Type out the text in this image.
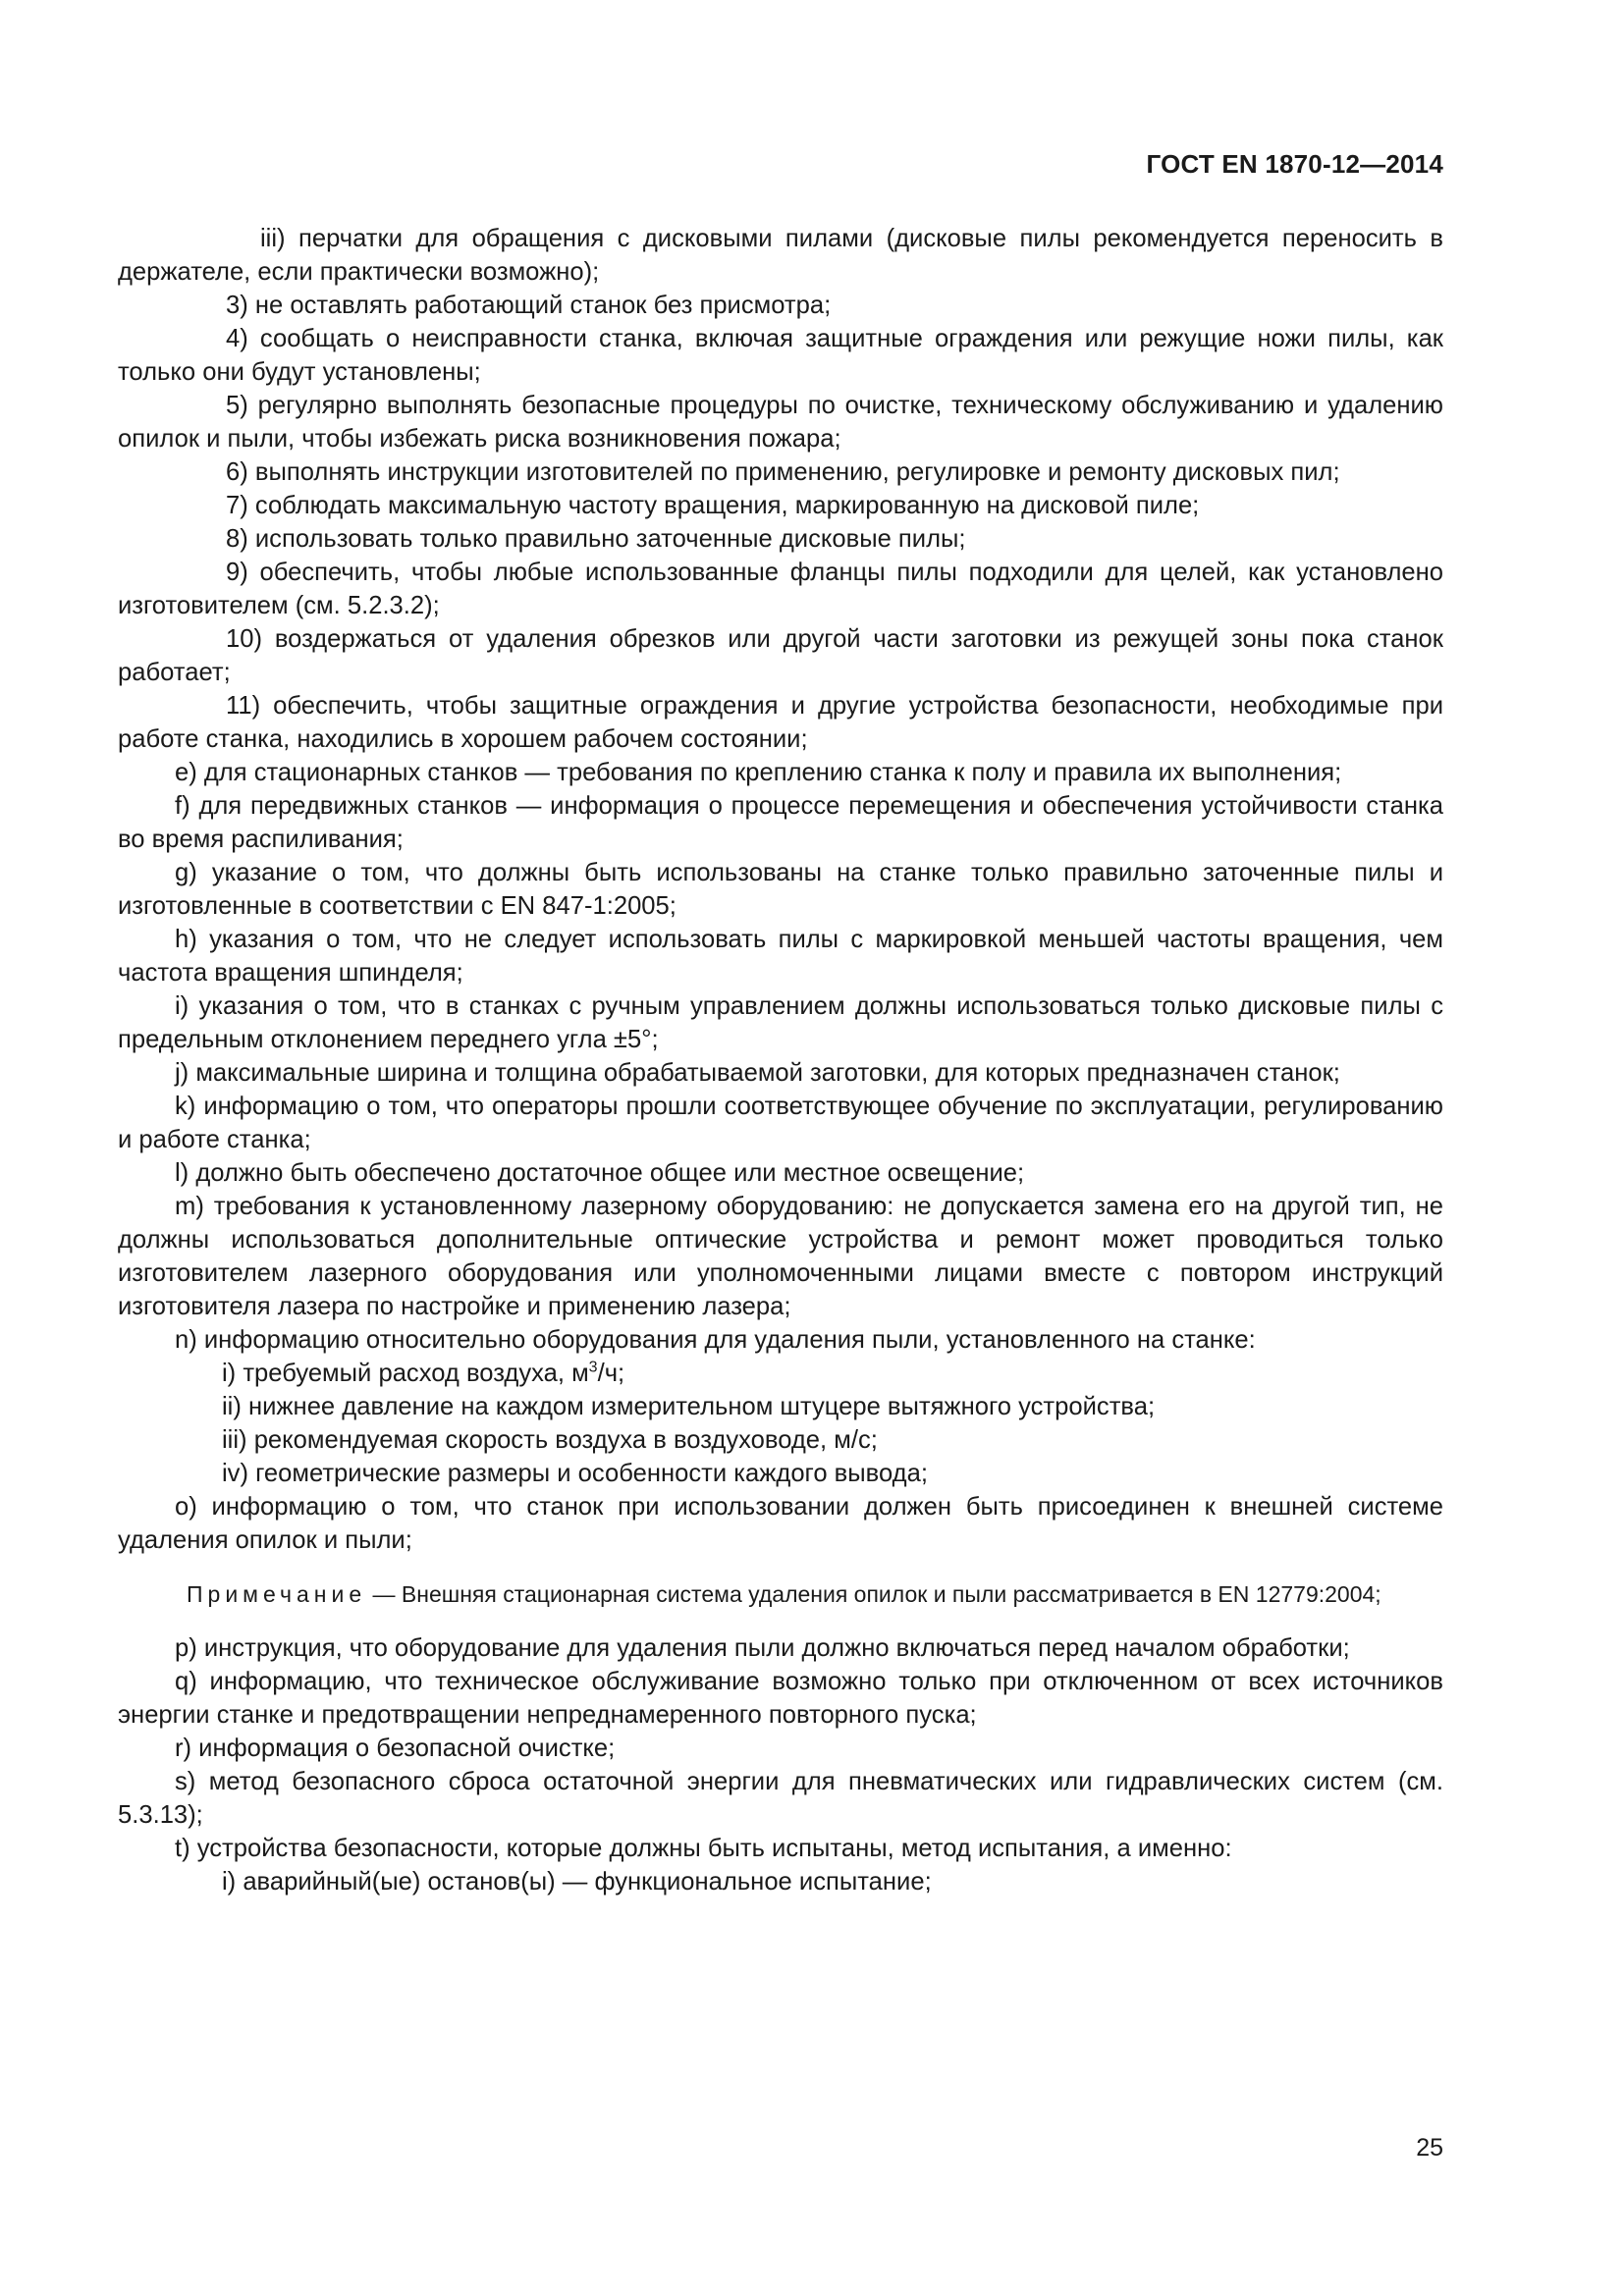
ГОСТ EN 1870-12—2014

iii) перчатки для обращения с дисковыми пилами (дисковые пилы рекомендуется переносить в держателе, если практически возможно);

3) не оставлять работающий станок без присмотра;

4) сообщать о неисправности станка, включая защитные ограждения или режущие ножи пилы, как только они будут установлены;

5) регулярно выполнять безопасные процедуры по очистке, техническому обслуживанию и удалению опилок и пыли, чтобы избежать риска возникновения пожара;

6) выполнять инструкции изготовителей по применению, регулировке и ремонту дисковых пил;

7) соблюдать максимальную частоту вращения, маркированную на дисковой пиле;

8) использовать только правильно заточенные дисковые пилы;

9) обеспечить, чтобы любые использованные фланцы пилы подходили для целей, как установлено изготовителем (см. 5.2.3.2);

10) воздержаться от удаления обрезков или другой части заготовки из режущей зоны пока станок работает;

11) обеспечить, чтобы защитные ограждения и другие устройства безопасности, необходимые при работе станка, находились в хорошем рабочем состоянии;

e) для стационарных станков — требования по креплению станка к полу и правила их выполнения;

f) для передвижных станков — информация о процессе перемещения и обеспечения устойчивости станка во время распиливания;

g) указание о том, что должны быть использованы на станке только правильно заточенные пилы и изготовленные в соответствии с EN 847-1:2005;

h) указания о том, что не следует использовать пилы с маркировкой меньшей частоты вращения, чем частота вращения шпинделя;

i) указания о том, что в станках с ручным управлением должны использоваться только дисковые пилы с предельным отклонением переднего угла ±5°;

j) максимальные ширина и толщина обрабатываемой заготовки, для которых предназначен станок;

k) информацию о том, что операторы прошли соответствующее обучение по эксплуатации, регулированию и работе станка;

l) должно быть обеспечено достаточное общее или местное освещение;

m) требования к установленному лазерному оборудованию: не допускается замена его на другой тип, не должны использоваться дополнительные оптические устройства и ремонт может проводиться только изготовителем лазерного оборудования или уполномоченными лицами вместе с повтором инструкций изготовителя лазера по настройке и применению лазера;

n) информацию относительно оборудования для удаления пыли, установленного на станке:

i) требуемый расход воздуха, $м^3/ч$;

ii) нижнее давление на каждом измерительном штуцере вытяжного устройства;

iii) рекомендуемая скорость воздуха в воздуховоде, м/с;

iv) геометрические размеры и особенности каждого вывода;

o) информацию о том, что станок при использовании должен быть присоединен к внешней системе удаления опилок и пыли;

Примечание — Внешняя стационарная система удаления опилок и пыли рассматривается в EN 12779:2004;

p) инструкция, что оборудование для удаления пыли должно включаться перед началом обработки;

q) информацию, что техническое обслуживание возможно только при отключенном от всех источников энергии станке и предотвращении непреднамеренного повторного пуска;

r) информация о безопасной очистке;

s) метод безопасного сброса остаточной энергии для пневматических или гидравлических систем (см. 5.3.13);

t) устройства безопасности, которые должны быть испытаны, метод испытания, а именно:

i) аварийный(ые) останов(ы) — функциональное испытание;

25
